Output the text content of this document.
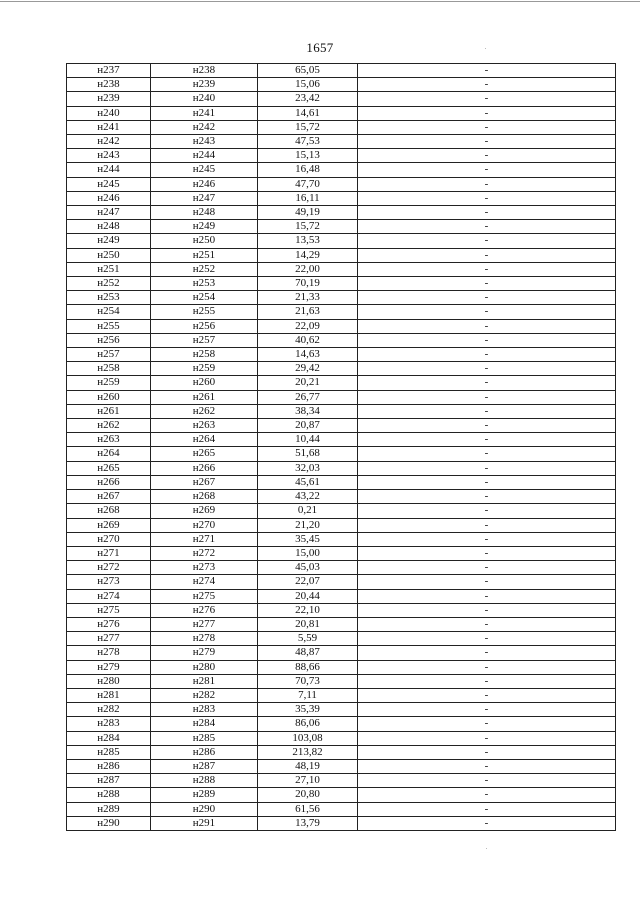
1657
н237	н238	65,05	-
н238	н239	15,06	-
н239	н240	23,42	-
н240	н241	14,61	-
н241	н242	15,72	-
н242	н243	47,53	-
н243	н244	15,13	-
н244	н245	16,48	-
н245	н246	47,70	-
н246	н247	16,11	-
н247	н248	49,19	-
н248	н249	15,72	-
н249	н250	13,53	-
н250	н251	14,29	-
н251	н252	22,00	-
н252	н253	70,19	-
н253	н254	21,33	-
н254	н255	21,63	-
н255	н256	22,09	-
н256	н257	40,62	-
н257	н258	14,63	-
н258	н259	29,42	-
н259	н260	20,21	-
н260	н261	26,77	-
н261	н262	38,34	-
н262	н263	20,87	-
н263	н264	10,44	-
н264	н265	51,68	-
н265	н266	32,03	-
н266	н267	45,61	-
н267	н268	43,22	-
н268	н269	0,21	-
н269	н270	21,20	-
н270	н271	35,45	-
н271	н272	15,00	-
н272	н273	45,03	-
н273	н274	22,07	-
н274	н275	20,44	-
н275	н276	22,10	-
н276	н277	20,81	-
н277	н278	5,59	-
н278	н279	48,87	-
н279	н280	88,66	-
н280	н281	70,73	-
н281	н282	7,11	-
н282	н283	35,39	-
н283	н284	86,06	-
н284	н285	103,08	-
н285	н286	213,82	-
н286	н287	48,19	-
н287	н288	27,10	-
н288	н289	20,80	-
н289	н290	61,56	-
н290	н291	13,79	-
